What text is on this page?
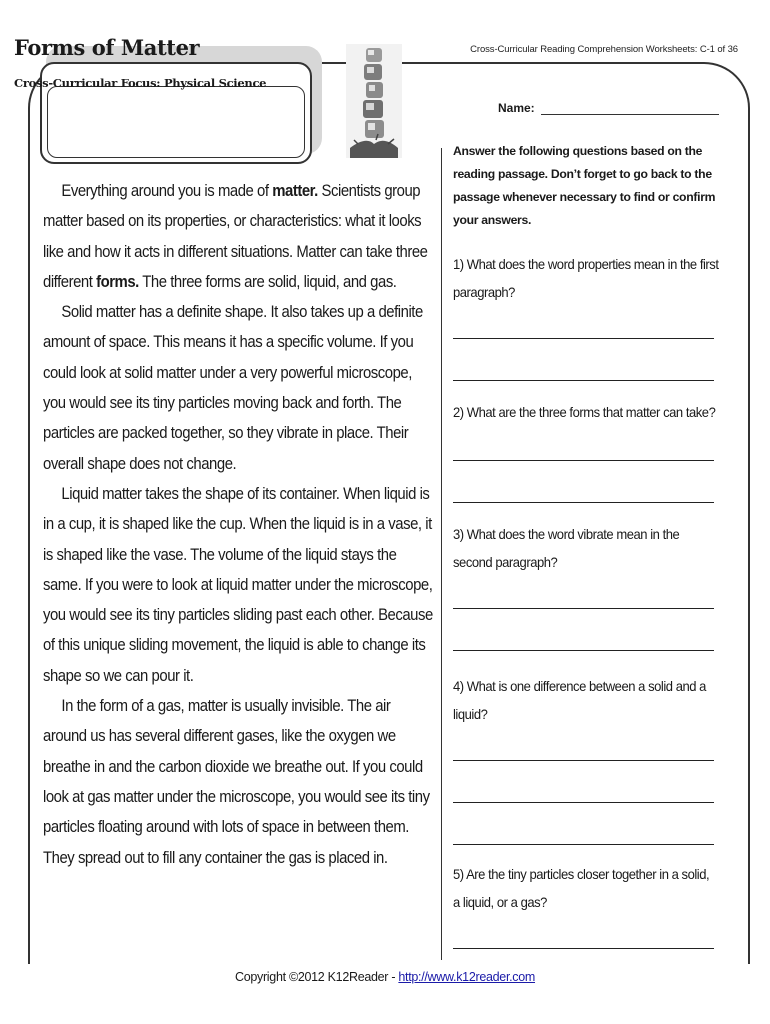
Cross-Curricular Reading Comprehension Worksheets: C-1 of 36
Forms of Matter

Cross-Curricular Focus: Physical Science

Everything around you is made of matter. Scientists group matter based on its properties, or characteristics: what it looks like and how it acts in different situations. Matter can take three different forms. The three forms are solid, liquid, and gas.

Solid matter has a definite shape. It also takes up a definite amount of space. This means it has a specific volume. If you could look at solid matter under a very powerful microscope, you would see its tiny particles moving back and forth. The particles are packed together, so they vibrate in place. Their overall shape does not change.

Liquid matter takes the shape of its container. When liquid is in a cup, it is shaped like the cup. When the liquid is in a vase, it is shaped like the vase. The volume of the liquid stays the same. If you were to look at liquid matter under the microscope, you would see its tiny particles sliding past each other. Because of this unique sliding movement, the liquid is able to change its shape so we can pour it.

In the form of a gas, matter is usually invisible. The air around us has several different gases, like the oxygen we breathe in and the carbon dioxide we breathe out. If you could look at gas matter under the microscope, you would see its tiny particles floating around with lots of space in between them. They spread out to fill any container the gas is placed in.

Name:

Answer the following questions based on the reading passage. Don’t forget to go back to the passage whenever necessary to find or confirm your answers.

1) What does the word properties mean in the first paragraph?
2) What are the three forms that matter can take?
3) What does the word vibrate mean in the second paragraph?
4) What is one difference between a solid and a liquid?
5) Are the tiny particles closer together in a solid, a liquid, or a gas?
Copyright ©2012 K12Reader - http://www.k12reader.com
